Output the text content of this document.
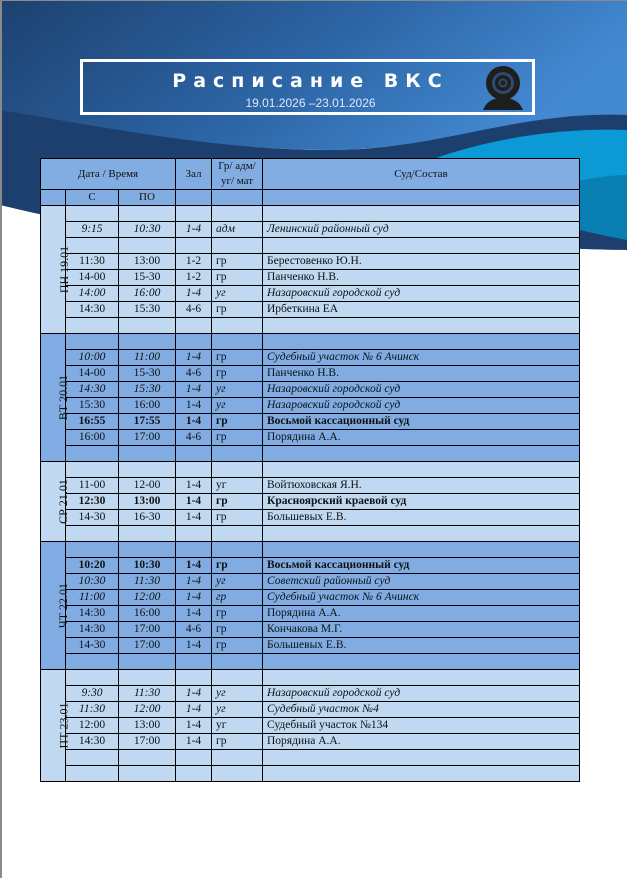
Расписание ВКС
19.01.2026 –23.01.2026
Дата / Время			Зал	Гр/ адм/уг/ мат	Суд/Состав
	С	ПО			
ПН 19.01					
	9:15	10:30	1-4	адм	Ленинский районный суд

	11:30	13:00	1-2	гр	Берестовенко Ю.Н.
	14-00	15-30	1-2	гр	Панченко Н.В.
	14:00	16:00	1-4	уг	Назаровский городской суд
	14:30	15:30	4-6	гр	Ирбеткина ЕА

ВТ 20.01					
	10:00	11:00	1-4	гр	Судебный участок № 6 Ачинск
	14-00	15-30	4-6	гр	Панченко Н.В.
	14:30	15:30	1-4	уг	Назаровский городской суд
	15:30	16:00	1-4	уг	Назаровский городской суд
	16:55	17:55	1-4	гр	Восьмой кассационный суд
	16:00	17:00	4-6	гр	Порядина А.А.

СР 21.01					
	11-00	12-00	1-4	уг	Войтюховская Я.Н.
	12:30	13:00	1-4	гр	Красноярский краевой суд
	14-30	16-30	1-4	гр	Большевых Е.В.

ЧТ 22.01					
	10:20	10:30	1-4	гр	Восьмой кассационный суд
	10:30	11:30	1-4	уг	Советский районный суд
	11:00	12:00	1-4	гр	Судебный участок № 6 Ачинск
	14:30	16:00	1-4	гр	Порядина А.А.
	14:30	17:00	4-6	гр	Кончакова М.Г.
	14-30	17:00	1-4	гр	Большевых Е.В.

ПТ 23.01					
	9:30	11:30	1-4	уг	Назаровский городской суд
	11:30	12:00	1-4	уг	Судебный участок №4
	12:00	13:00	1-4	уг	Судебный участок №134
	14:30	17:00	1-4	гр	Порядина А.А.
